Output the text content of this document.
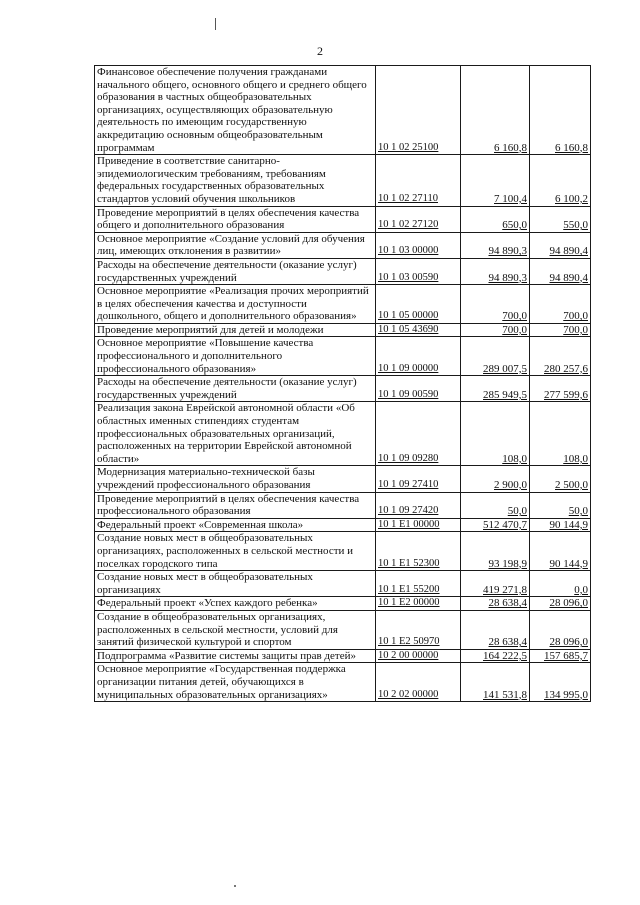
2
Финансовое обеспечение получения гражданами начального общего, основного общего и среднего общего образования в частных общеобразовательных организациях, осуществляющих образовательную деятельность по имеющим государственную аккредитацию основным общеобразовательным программам	10 1 02 25100	6 160,8	6 160,8
Приведение в соответствие санитарно-эпидемиологическим требованиям, требованиям федеральных государственных образовательных стандартов условий обучения школьников	10 1 02 27110	7 100,4	6 100,2
Проведение мероприятий в целях обеспечения качества общего и дополнительного образования	10 1 02 27120	650,0	550,0
Основное мероприятие «Создание условий для обучения лиц, имеющих отклонения в развитии»	10 1 03 00000	94 890,3	94 890,4
Расходы на обеспечение деятельности (оказание услуг) государственных учреждений	10 1 03 00590	94 890,3	94 890,4
Основное мероприятие «Реализация прочих мероприятий в целях обеспечения качества и доступности дошкольного, общего и дополнительного образования»	10 1 05 00000	700,0	700,0
Проведение мероприятий для детей и молодежи	10 1 05 43690	700,0	700,0
Основное мероприятие «Повышение качества профессионального и дополнительного профессионального образования»	10 1 09 00000	289 007,5	280 257,6
Расходы на обеспечение деятельности (оказание услуг) государственных учреждений	10 1 09 00590	285 949,5	277 599,6
Реализация закона Еврейской автономной области «Об областных именных стипендиях студентам профессиональных образовательных организаций, расположенных на территории Еврейской автономной области»	10 1 09 09280	108,0	108,0
Модернизация материально-технической базы учреждений профессионального образования	10 1 09 27410	2 900,0	2 500,0
Проведение мероприятий в целях обеспечения качества профессионального образования	10 1 09 27420	50,0	50,0
Федеральный проект «Современная школа»	10 1 E1 00000	512 470,7	90 144,9
Создание новых мест в общеобразовательных организациях, расположенных в сельской местности и поселках городского типа	10 1 E1 52300	93 198,9	90 144,9
Создание новых мест в общеобразовательных организациях	10 1 E1 55200	419 271,8	0,0
Федеральный проект «Успех каждого ребенка»	10 1 E2 00000	28 638,4	28 096,0
Создание в общеобразовательных организациях, расположенных в сельской местности, условий для занятий физической культурой и спортом	10 1 E2 50970	28 638,4	28 096,0
Подпрограмма «Развитие системы защиты прав детей»	10 2 00 00000	164 222,5	157 685,7
Основное мероприятие «Государственная поддержка организации питания детей, обучающихся в муниципальных образовательных организациях»	10 2 02 00000	141 531,8	134 995,0
